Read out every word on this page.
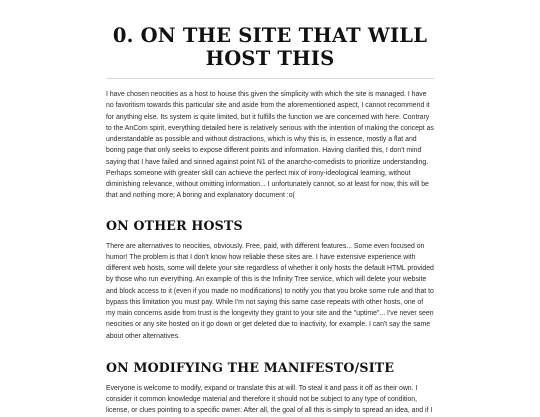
0. ON THE SITE THAT WILL HOST THIS

I have chosen neocities as a host to house this given the simplicity with which the site is managed. I have no favoritism towards this particular site and aside from the aforementioned aspect, I cannot recommend it for anything else. Its system is quite limited, but it fulfills the function we are concerned with here. Contrary to the AnCom spirit, everything detailed here is relatively serious with the intention of making the concept as understandable as possible and without distractions, which is why this is, in essence, mostly a flat and boring page that only seeks to expose different points and information. Having clarified this, I don't mind saying that I have failed and sinned against point N1 of the anarcho-comedists to prioritize understanding. Perhaps someone with greater skill can achieve the perfect mix of irony-ideological learning, without diminishing relevance, without omitting information... I unfortunately cannot, so at least for now, this will be that and nothing more; A boring and explanatory document :o(

ON OTHER HOSTS

There are alternatives to neocities, obviously. Free, paid, with different features... Some even focused on humor! The problem is that I don't know how reliable these sites are. I have extensive experience with different web hosts, some will delete your site regardless of whether it only hosts the default HTML provided by those who run everything. An example of this is the Infinity Tree service, which will delete your website and block access to it (even if you made no modifications) to notify you that you broke some rule and that to bypass this limitation you must pay. While I'm not saying this same case repeats with other hosts, one of my main concerns aside from trust is the longevity they grant to your site and the "uptime"... I've never seen neocities or any site hosted on it go down or get deleted due to inactivity, for example. I can't say the same about other alternatives.

ON MODIFYING THE MANIFESTO/SITE

Everyone is welcome to modify, expand or translate this at will. To steal it and pass it off as their own. I consider it common knowledge material and therefore it should not be subject to any type of condition, license, or clues pointing to a specific owner. After all, the goal of all this is simply to spread an idea, and if I
